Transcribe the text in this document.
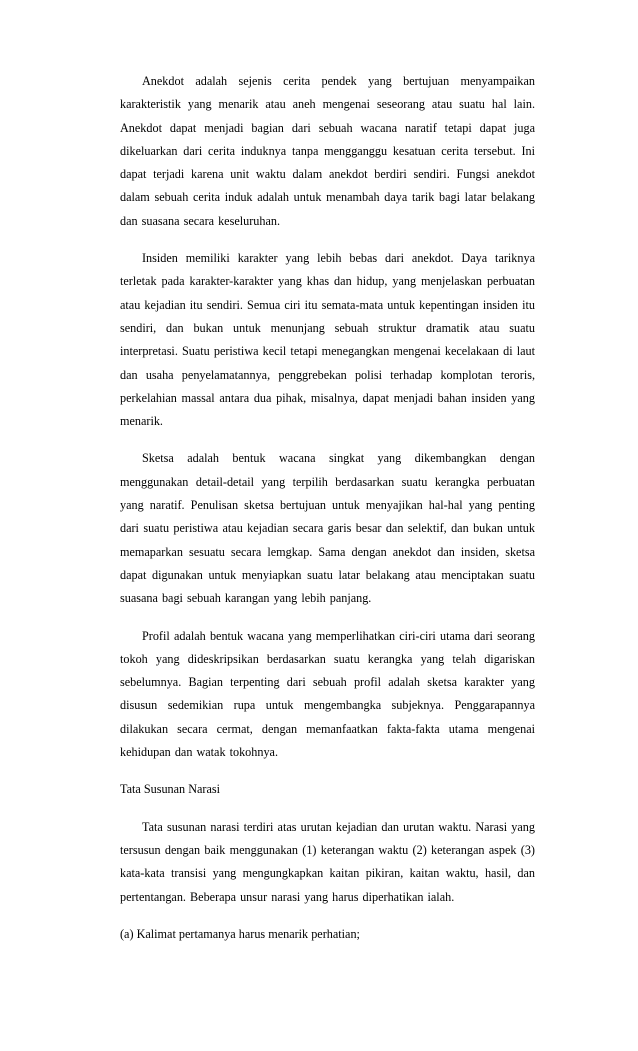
Anekdot adalah sejenis cerita pendek yang bertujuan menyampaikan karakteristik yang menarik atau aneh mengenai seseorang atau suatu hal lain. Anekdot dapat menjadi bagian dari sebuah wacana naratif tetapi dapat juga dikeluarkan dari cerita induknya tanpa mengganggu kesatuan cerita tersebut. Ini dapat terjadi karena unit waktu dalam anekdot berdiri sendiri. Fungsi anekdot dalam sebuah cerita induk adalah untuk menambah daya tarik bagi latar belakang dan suasana secara keseluruhan.

Insiden memiliki karakter yang lebih bebas dari anekdot. Daya tariknya terletak pada karakter-karakter yang khas dan hidup, yang menjelaskan perbuatan atau kejadian itu sendiri. Semua ciri itu semata-mata untuk kepentingan insiden itu sendiri, dan bukan untuk menunjang sebuah struktur dramatik atau suatu interpretasi. Suatu peristiwa kecil tetapi menegangkan mengenai kecelakaan di laut dan usaha penyelamatannya, penggrebekan polisi terhadap komplotan teroris, perkelahian massal antara dua pihak, misalnya, dapat menjadi bahan insiden yang menarik.

Sketsa adalah bentuk wacana singkat yang dikembangkan dengan menggunakan detail-detail yang terpilih berdasarkan suatu kerangka perbuatan yang naratif. Penulisan sketsa bertujuan untuk menyajikan hal-hal yang penting dari suatu peristiwa atau kejadian secara garis besar dan selektif, dan bukan untuk memaparkan sesuatu secara lemgkap. Sama dengan anekdot dan insiden, sketsa dapat digunakan untuk menyiapkan suatu latar belakang atau menciptakan suatu suasana bagi sebuah karangan yang lebih panjang.

Profil adalah bentuk wacana yang memperlihatkan ciri-ciri utama dari seorang tokoh yang dideskripsikan berdasarkan suatu kerangka yang telah digariskan sebelumnya. Bagian terpenting dari sebuah profil adalah sketsa karakter yang disusun sedemikian rupa untuk mengembangka subjeknya. Penggarapannya dilakukan secara cermat, dengan memanfaatkan fakta-fakta utama mengenai kehidupan dan watak tokohnya.

Tata Susunan Narasi

Tata susunan narasi terdiri atas urutan kejadian dan urutan waktu. Narasi yang tersusun dengan baik menggunakan (1) keterangan waktu (2) keterangan aspek (3) kata-kata transisi yang mengungkapkan kaitan pikiran, kaitan waktu, hasil, dan pertentangan. Beberapa unsur narasi yang harus diperhatikan ialah.

(a) Kalimat pertamanya harus menarik perhatian;
